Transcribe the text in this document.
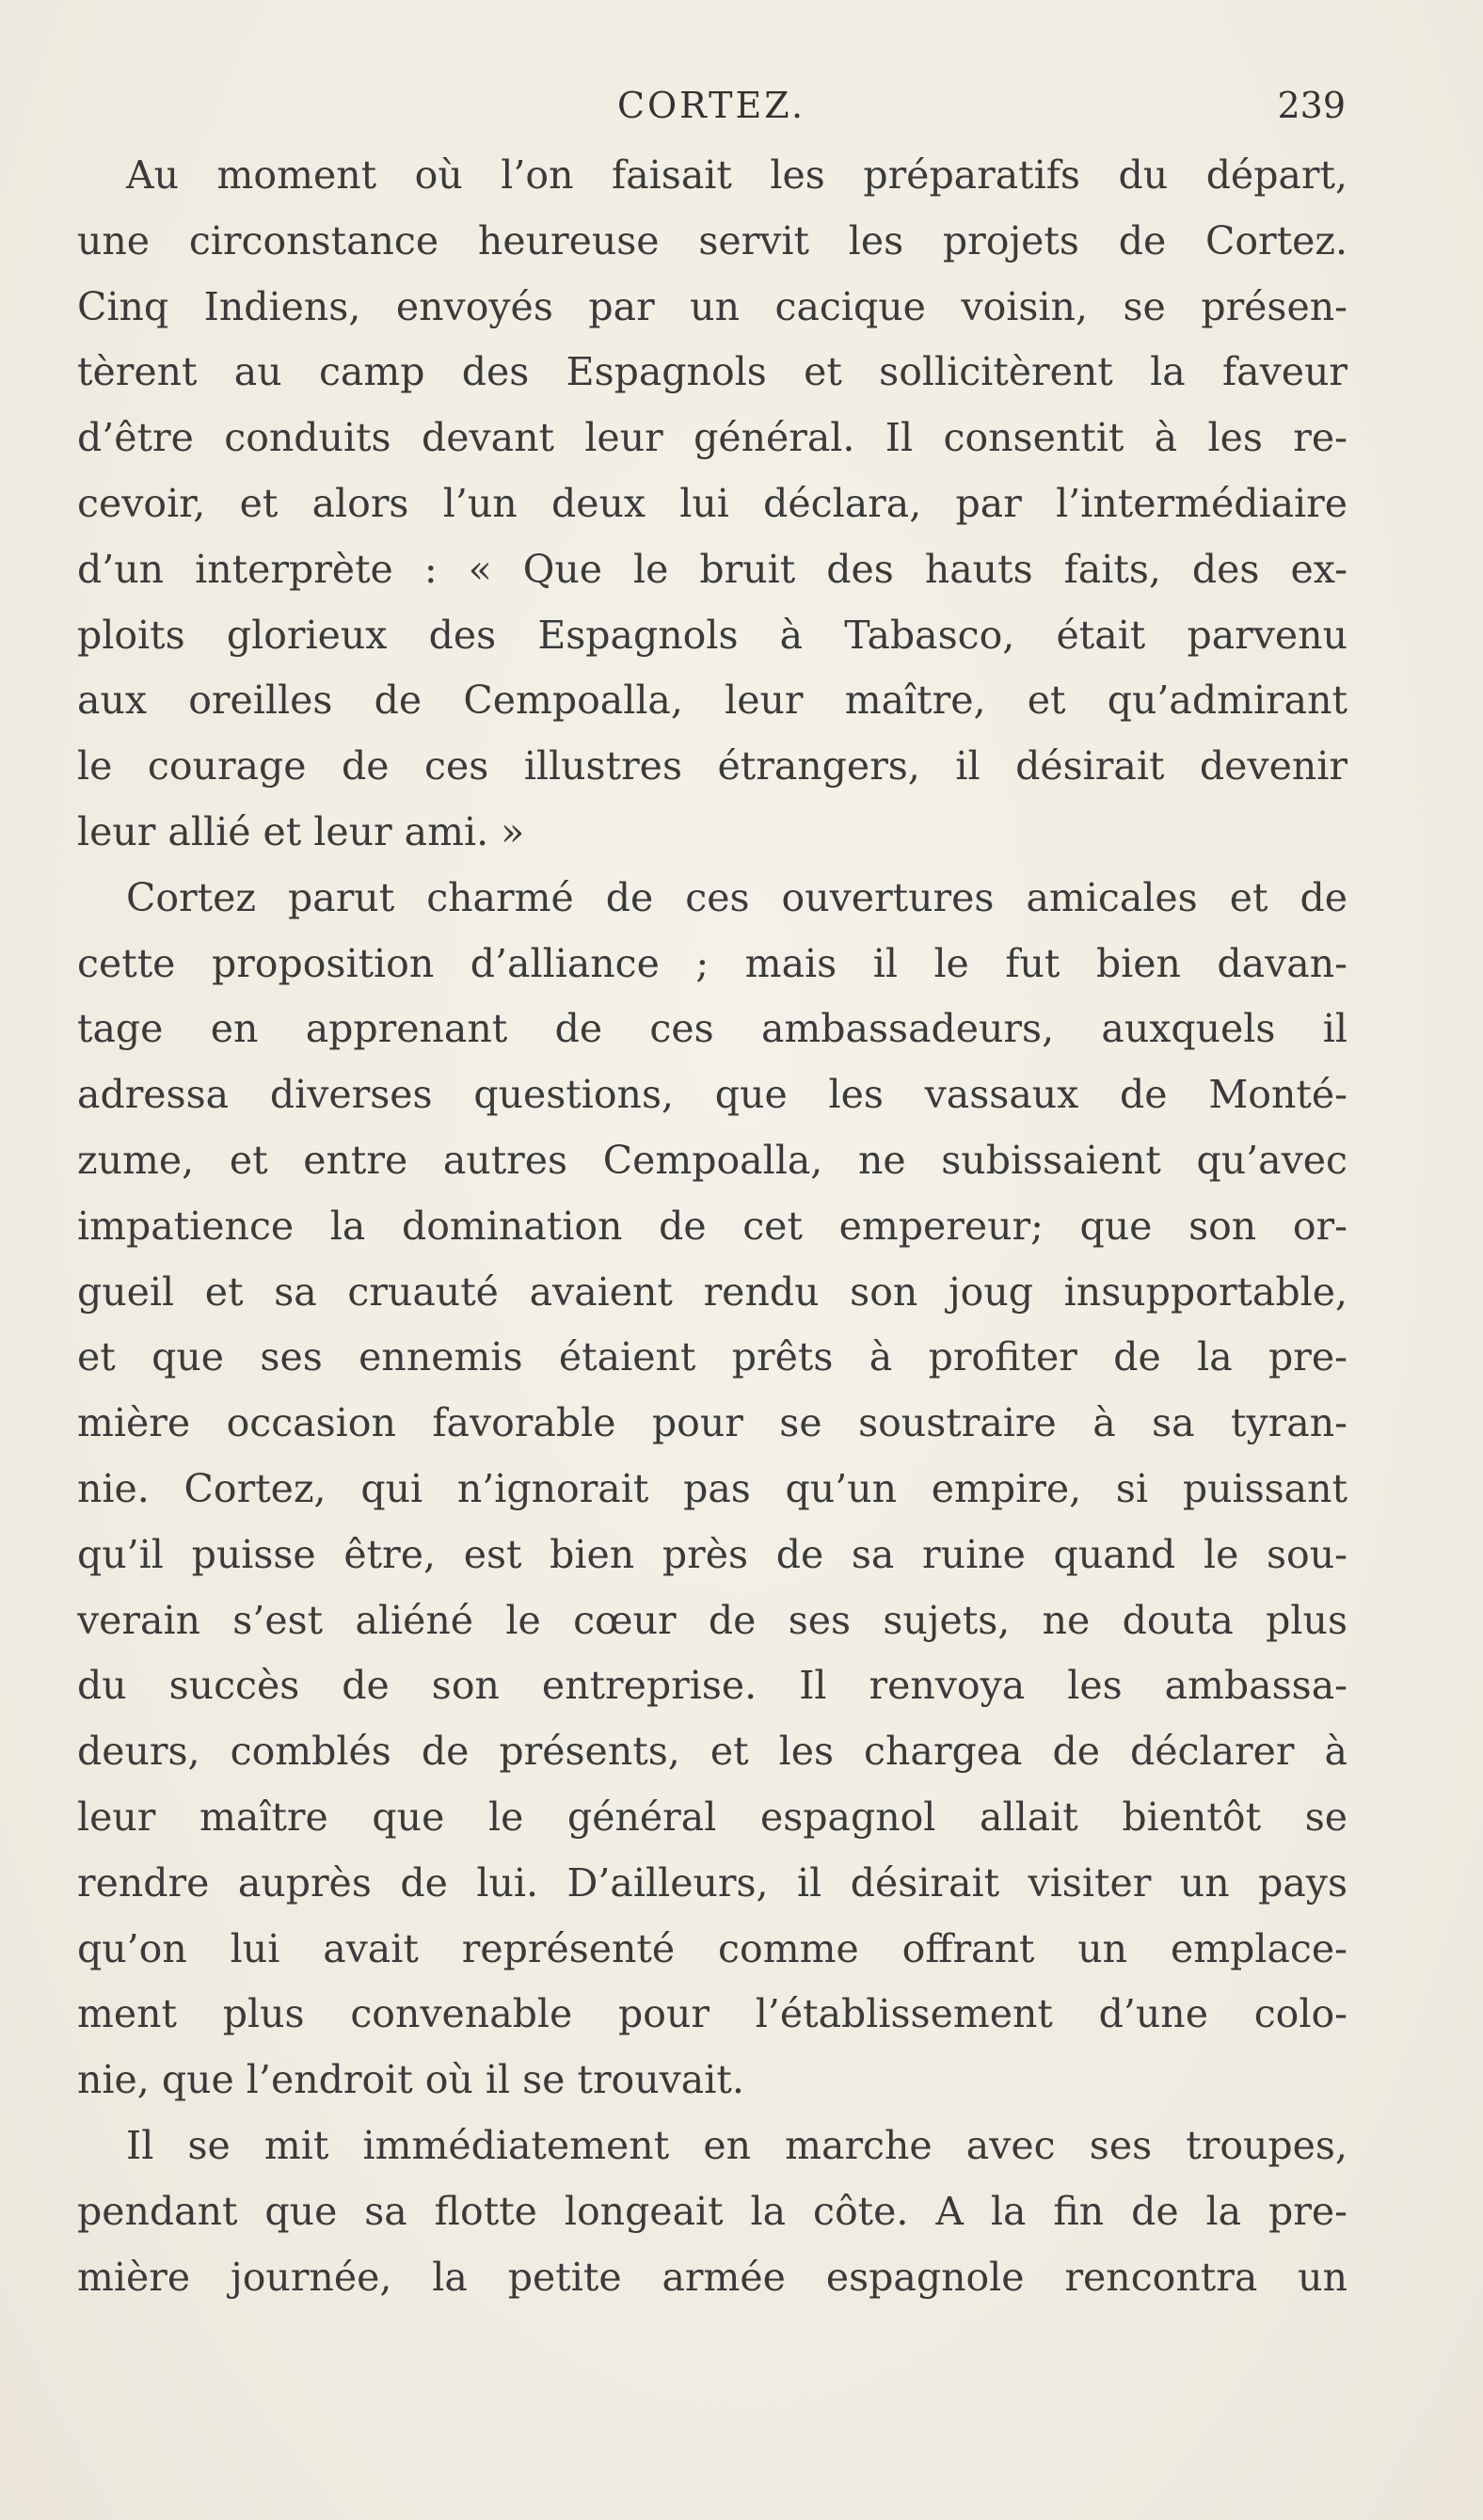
CORTEZ.	239
Au moment où l’on faisait les préparatifs du départ,
une circonstance heureuse servit les projets de Cortez.
Cinq Indiens, envoyés par un cacique voisin, se présen-
tèrent au camp des Espagnols et sollicitèrent la faveur
d’être conduits devant leur général. Il consentit à les re-
cevoir, et alors l’un deux lui déclara, par l’intermédiaire
d’un interprète : « Que le bruit des hauts faits, des ex-
ploits glorieux des Espagnols à Tabasco, était parvenu
aux oreilles de Cempoalla, leur maître, et qu’admirant
le courage de ces illustres étrangers, il désirait devenir
leur allié et leur ami. »
Cortez parut charmé de ces ouvertures amicales et de
cette proposition d’alliance ; mais il le fut bien davan-
tage en apprenant de ces ambassadeurs, auxquels il
adressa diverses questions, que les vassaux de Monté-
zume, et entre autres Cempoalla, ne subissaient qu’avec
impatience la domination de cet empereur; que son or-
gueil et sa cruauté avaient rendu son joug insupportable,
et que ses ennemis étaient prêts à profiter de la pre-
mière occasion favorable pour se soustraire à sa tyran-
nie. Cortez, qui n’ignorait pas qu’un empire, si puissant
qu’il puisse être, est bien près de sa ruine quand le sou-
verain s’est aliéné le cœur de ses sujets, ne douta plus
du succès de son entreprise. Il renvoya les ambassa-
deurs, comblés de présents, et les chargea de déclarer à
leur maître que le général espagnol allait bientôt se
rendre auprès de lui. D’ailleurs, il désirait visiter un pays
qu’on lui avait représenté comme offrant un emplace-
ment plus convenable pour l’établissement d’une colo-
nie, que l’endroit où il se trouvait.
Il se mit immédiatement en marche avec ses troupes,
pendant que sa flotte longeait la côte. A la fin de la pre-
mière journée, la petite armée espagnole rencontra un
